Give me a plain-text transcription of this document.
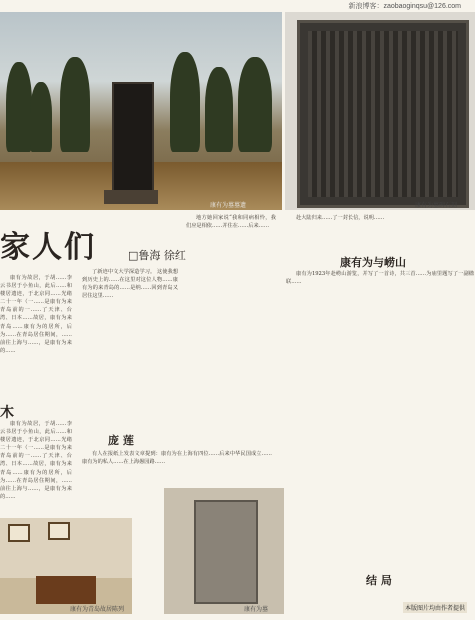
新浪博客：zaobaoginqsu@126.com
康有为墓墓遗	康有为墓碑石刻
家人们	□鲁海 徐红

康有为故居，于胡……李云书居于小鱼山，此后……和楼居遗迹，于北京同……光绪二十一年（一……是康有为来青岛前的一……了天津、台湾、日本……故居，康有为来青岛……康有为的居所，后为……在青岛居住期间，……前往上海与……，是康有为来的……

木

康有为故居，于胡……李云书居于小鱼山，此后……和楼居遗迹，于北京同……光绪二十一年（一……是康有为来青岛前的一……了天津、台湾、日本……故居，康有为来青岛……康有为的居所，后为……在青岛居住期间，……前往上海与……，是康有为来的……

了新迹中文大学深造学习。 这使我想到历史上的……在这里对这位人物……康有为的来青岛的……是纳……回到青岛又居住这里……

庞 莲

有人在报纸上发表文章提到：康有为在上海有四位……后来中华民国成立……康有为的私人……在上海愚园路……

地方她回家说“我和同病相怜，我们应是相依……并住在……后来……

赴大陆归来……了一封长信，说明……

康有为与崂山

康有为1923年赴崂山游览，并写了一首诗，共三首……为庙里题写了一副楹联……

结 局
康有为青岛故居陈列	康有为墓	本版图片均由作者提供
